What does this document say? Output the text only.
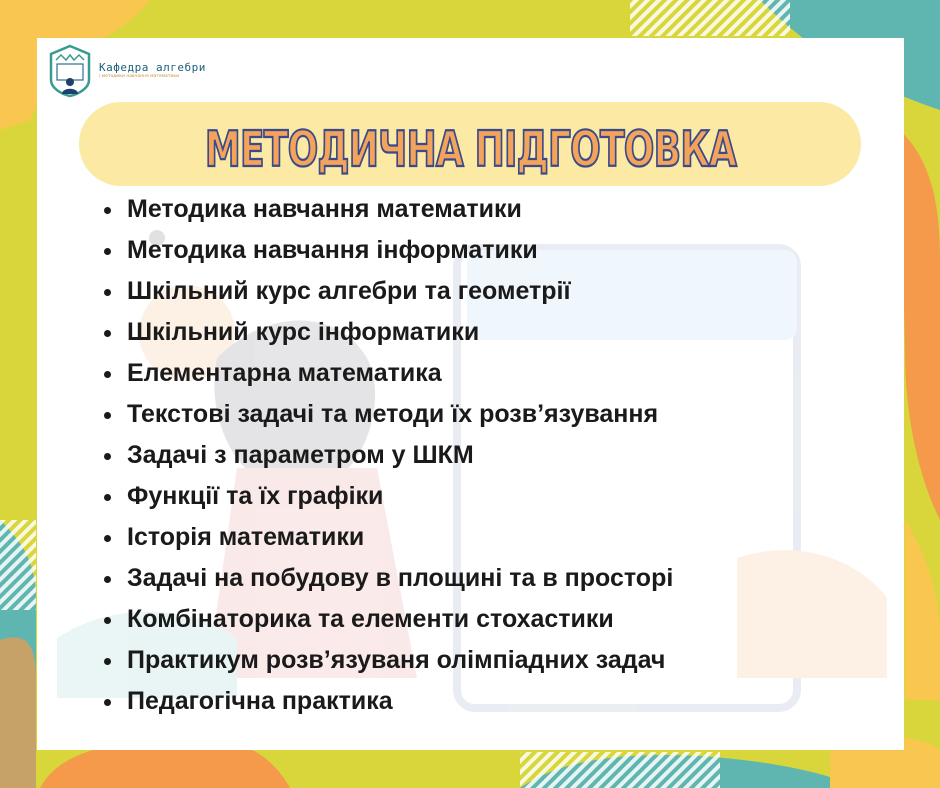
Кафедра алгебри
і методики навчання математики
МЕТОДИЧНА ПІДГОТОВКА
Методика навчання математики
Методика навчання інформатики
Шкільний курс алгебри та геометрії
Шкільний курс інформатики
Елементарна математика
Текстові задачі та методи їх розв’язування
Задачі з параметром у ШКМ
Функції та їх графіки
Історія математики
Задачі на побудову в площині та в просторі
Комбінаторика та елементи стохастики
Практикум розв’язуваня олімпіадних задач
Педагогічна практика
